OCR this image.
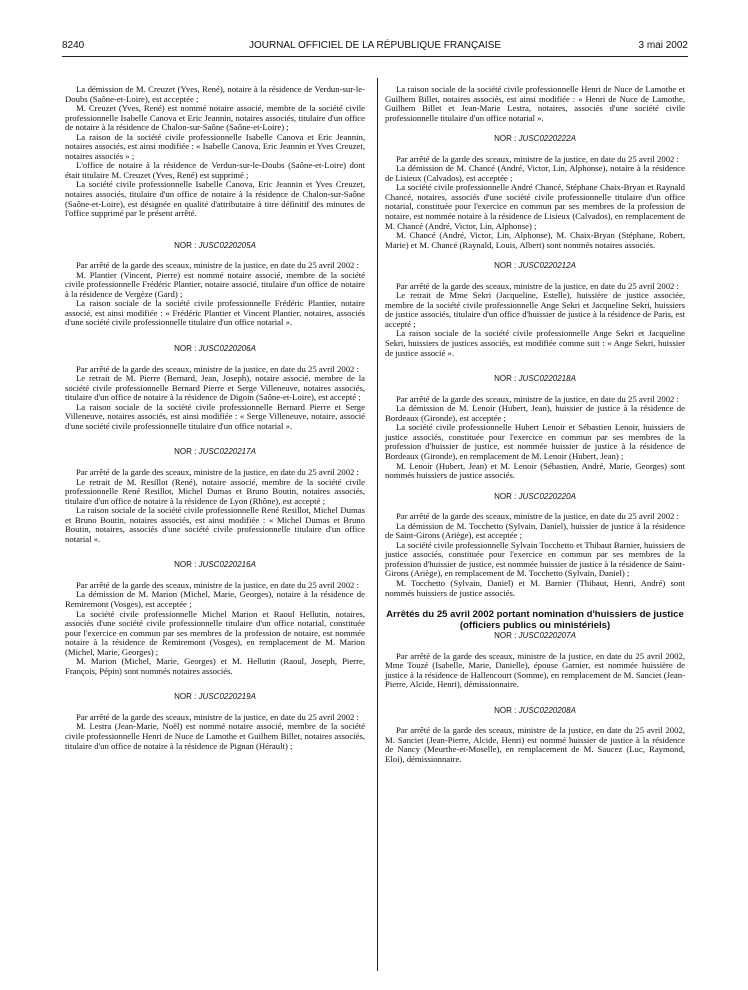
8240	JOURNAL OFFICIEL DE LA RÉPUBLIQUE FRANÇAISE	3 mai 2002

La démission de M. Creuzet (Yves, René), notaire à la résidence de Verdun-sur-le-Doubs (Saône-et-Loire), est acceptée ;

M. Creuzet (Yves, René) est nommé notaire associé, membre de la société civile professionnelle Isabelle Canova et Eric Jeannin, notaires associés, titulaire d'un office de notaire à la résidence de Chalon-sur-Saône (Saône-et-Loire) ;

La raison de la société civile professionnelle Isabelle Canova et Eric Jeannin, notaires associés, est ainsi modifiée : « Isabelle Canova, Eric Jeannin et Yves Creuzet, notaires associés » ;

L'office de notaire à la résidence de Verdun-sur-le-Doubs (Saône-et-Loire) dont était titulaire M. Creuzet (Yves, René) est supprimé ;

La société civile professionnelle Isabelle Canova, Eric Jeannin et Yves Creuzet, notaires associés, titulaire d'un office de notaire à la résidence de Chalon-sur-Saône (Saône-et-Loire), est désignée en qualité d'attributaire à titre définitif des minutes de l'office supprimé par le présent arrêté.

NOR : JUSC0220205A

Par arrêté de la garde des sceaux, ministre de la justice, en date du 25 avril 2002 :

M. Plantier (Vincent, Pierre) est nommé notaire associé, membre de la société civile professionnelle Frédéric Plantier, notaire associé, titulaire d'un office de notaire à la résidence de Vergèze (Gard) ;

La raison sociale de la société civile professionnelle Frédéric Plantier, notaire associé, est ainsi modifiée : « Frédéric Plantier et Vincent Plantier, notaires, associés d'une société civile professionnelle titulaire d'un office notarial ».

NOR : JUSC0220206A

Par arrêté de la garde des sceaux, ministre de la justice, en date du 25 avril 2002 :

Le retrait de M. Pierre (Bernard, Jean, Joseph), notaire associé, membre de la société civile professionnelle Bernard Pierre et Serge Villeneuve, notaires associés, titulaire d'un office de notaire à la résidence de Digoin (Saône-et-Loire), est accepté ;

La raison sociale de la société civile professionnelle Bernard Pierre et Serge Villeneuve, notaires associés, est ainsi modifiée : « Serge Villeneuve, notaire, associé d'une société civile professionnelle titulaire d'un office notarial ».

NOR : JUSC0220217A

Par arrêté de la garde des sceaux, ministre de la justice, en date du 25 avril 2002 :

Le retrait de M. Resillot (René), notaire associé, membre de la société civile professionnelle René Resillot, Michel Dumas et Bruno Boutin, notaires associés, titulaire d'un office de notaire à la résidence de Lyon (Rhône), est accepté ;

La raison sociale de la société civile professionnelle René Resillot, Michel Dumas et Bruno Boutin, notaires associés, est ainsi modifiée : « Michel Dumas et Bruno Boutin, notaires, associés d'une société civile professionnelle titulaire d'un office notarial ».

NOR : JUSC0220216A

Par arrêté de la garde des sceaux, ministre de la justice, en date du 25 avril 2002 :

La démission de M. Marion (Michel, Marie, Georges), notaire à la résidence de Remiremont (Vosges), est acceptée ;

La société civile professionnelle Michel Marion et Raoul Hellutin, notaires, associés d'une société civile professionnelle titulaire d'un office notarial, constituée pour l'exercice en commun par ses membres de la profession de notaire, est nommée notaire à la résidence de Remiremont (Vosges), en remplacement de M. Marion (Michel, Marie, Georges) ;

M. Marion (Michel, Marie, Georges) et M. Hellutin (Raoul, Joseph, Pierre, François, Pépin) sont nommés notaires associés.

NOR : JUSC0220219A

Par arrêté de la garde des sceaux, ministre de la justice, en date du 25 avril 2002 :

M. Lestra (Jean-Marie, Noël) est nommé notaire associé, membre de la société civile professionnelle Henri de Nuce de Lamothe et Guilhem Billet, notaires associés, titulaire d'un office de notaire à la résidence de Pignan (Hérault) ;

La raison sociale de la société civile professionnelle Henri de Nuce de Lamothe et Guilhem Billet, notaires associés, est ainsi modifiée : « Henri de Nuce de Lamothe, Guilhem Billet et Jean-Marie Lestra, notaires, associés d'une société civile professionnelle titulaire d'un office notarial ».

NOR : JUSC0220222A

Par arrêté de la garde des sceaux, ministre de la justice, en date du 25 avril 2002 :

La démission de M. Chancé (André, Victor, Lin, Alphonse), notaire à la résidence de Lisieux (Calvados), est acceptée ;

La société civile professionnelle André Chancé, Stéphane Chaix-Bryan et Raynald Chancé, notaires, associés d'une société civile professionnelle titulaire d'un office notarial, constituée pour l'exercice en commun par ses membres de la profession de notaire, est nommée notaire à la résidence de Lisieux (Calvados), en remplacement de M. Chancé (André, Victor, Lin, Alphonse) ;

M. Chancé (André, Victor, Lin, Alphonse), M. Chaix-Bryan (Stéphane, Robert, Marie) et M. Chancé (Raynald, Louis, Albert) sont nommés notaires associés.

NOR : JUSC0220212A

Par arrêté de la garde des sceaux, ministre de la justice, en date du 25 avril 2002 :

Le retrait de Mme Sekri (Jacqueline, Estelle), huissière de justice associée, membre de la société civile professionnelle Ange Sekri et Jacqueline Sekri, huissiers de justice associés, titulaire d'un office d'huissier de justice à la résidence de Paris, est accepté ;

La raison sociale de la société civile professionnelle Ange Sekri et Jacqueline Sekri, huissiers de justices associés, est modifiée comme suit : « Ange Sekri, huissier de justice associé ».

NOR : JUSC0220218A

Par arrêté de la garde des sceaux, ministre de la justice, en date du 25 avril 2002 :

La démission de M. Lenoir (Hubert, Jean), huissier de justice à la résidence de Bordeaux (Gironde), est acceptée ;

La société civile professionnelle Hubert Lenoir et Sébastien Lenoir, huissiers de justice associés, constituée pour l'exercice en commun par ses membres de la profession d'huissier de justice, est nommée huissier de justice à la résidence de Bordeaux (Gironde), en remplacement de M. Lenoir (Hubert, Jean) ;

M. Lenoir (Hubert, Jean) et M. Lenoir (Sébastien, André, Marie, Georges) sont nommés huissiers de justice associés.

NOR : JUSC0220220A

Par arrêté de la garde des sceaux, ministre de la justice, en date du 25 avril 2002 :

La démission de M. Tocchetto (Sylvain, Daniel), huissier de justice à la résidence de Saint-Girons (Ariège), est acceptée ;

La société civile professionnelle Sylvain Tocchetto et Thibaut Barnier, huissiers de justice associés, constituée pour l'exercice en commun par ses membres de la profession d'huissier de justice, est nommée huissier de justice à la résidence de Saint-Girons (Ariège), en remplacement de M. Tocchetto (Sylvain, Daniel) ;

M. Tocchetto (Sylvain, Daniel) et M. Barnier (Thibaut, Henri, André) sont nommés huissiers de justice associés.

Arrêtés du 25 avril 2002 portant nomination d'huissiers de justice (officiers publics ou ministériels)
NOR : JUSC0220207A

Par arrêté de la garde des sceaux, ministre de la justice, en date du 25 avril 2002, Mme Touzé (Isabelle, Marie, Danielle), épouse Garnier, est nommée huissière de justice à la résidence de Hallencourt (Somme), en remplacement de M. Sanciet (Jean-Pierre, Alcide, Henri), démissionnaire.

NOR : JUSC0220208A

Par arrêté de la garde des sceaux, ministre de la justice, en date du 25 avril 2002, M. Sanciet (Jean-Pierre, Alcide, Henri) est nommé huissier de justice à la résidence de Nancy (Meurthe-et-Moselle), en remplacement de M. Saucez (Luc, Raymond, Eloi), démissionnaire.
